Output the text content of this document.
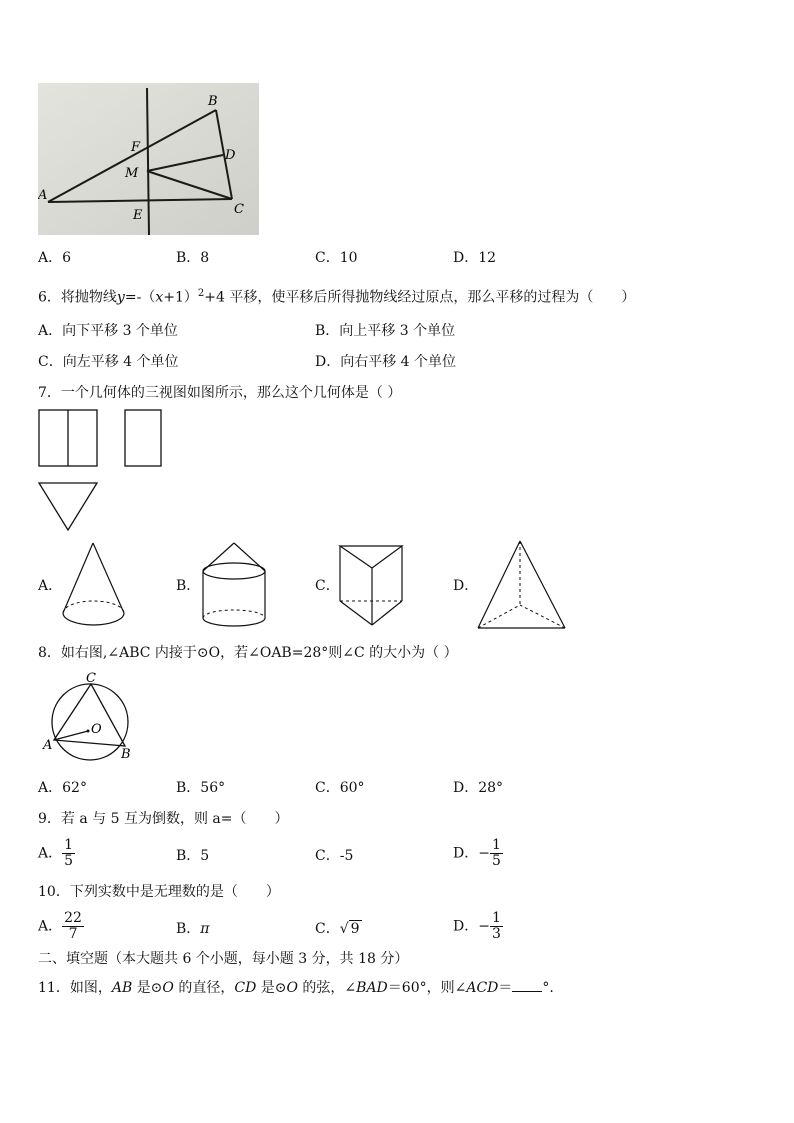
A
B
C
D
E
F
M
A．6	B．8	C．10	D．12
6．将抛物线$y=-(x+1)^2+4$ 平移，使平移后所得抛物线经过原点，那么平移的过程为（　　）
A．向下平移 3 个单位	B．向上平移 3 个单位
C．向左平移 4 个单位	D．向右平移 4 个单位
7．一个几何体的三视图如图所示，那么这个几何体是（ ）
A．	B．	C．	D．
8．如右图,∠ABC 内接于⊙O，若∠OAB=28°则∠C 的大小为（ ）
C
A
B
O
A．62°	B．56°	C．60°	D．28°
9．若 a 与 5 互为倒数，则 a=（　　）
A． $\frac{1}{5}$	B．5	C．-5	D．− $\frac{1}{5}$
10．下列实数中是无理数的是（　　）
A． $\frac{22}{7}$	B．π	C．√ 9	D．− $\frac{1}{3}$
二、填空题（本大题共 6 个小题，每小题 3 分，共 18 分）
11．如图，AB 是⊙O 的直径，CD 是⊙O 的弦，∠BAD＝60°，则∠ACD＝ °.
